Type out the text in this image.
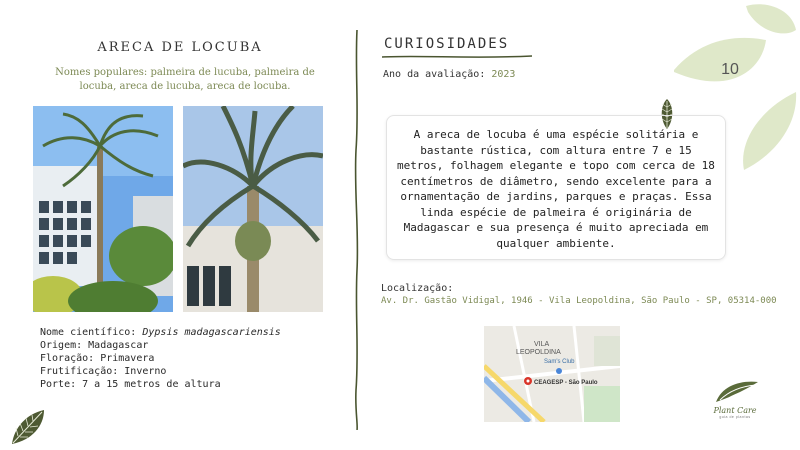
ARECA DE LOCUBA
Nomes populares: palmeira de lucuba, palmeira de
locuba, areca de lucuba, areca de locuba.
Nome científico: Dypsis madagascariensis
Origem: Madagascar
Floração: Primavera
Frutificação: Inverno
Porte: 7 a 15 metros de altura
CURIOSIDADES
Ano da avaliação: 2023
A areca de locuba é uma espécie solitária e bastante rústica, com altura entre 7 e 15 metros, folhagem elegante e topo com cerca de 18 centímetros de diâmetro, sendo excelente para a ornamentação de jardins, parques e praças. Essa linda espécie de palmeira é originária de Madagascar e sua presença é muito apreciada em qualquer ambiente.
Localização:
Av. Dr. Gastão Vidigal, 1946 - Vila Leopoldina, São Paulo - SP, 05314-000
VILA
LEOPOLDINA
Sam's Club
CEAGESP - São Paulo
10
Plant Care
guia de plantas
